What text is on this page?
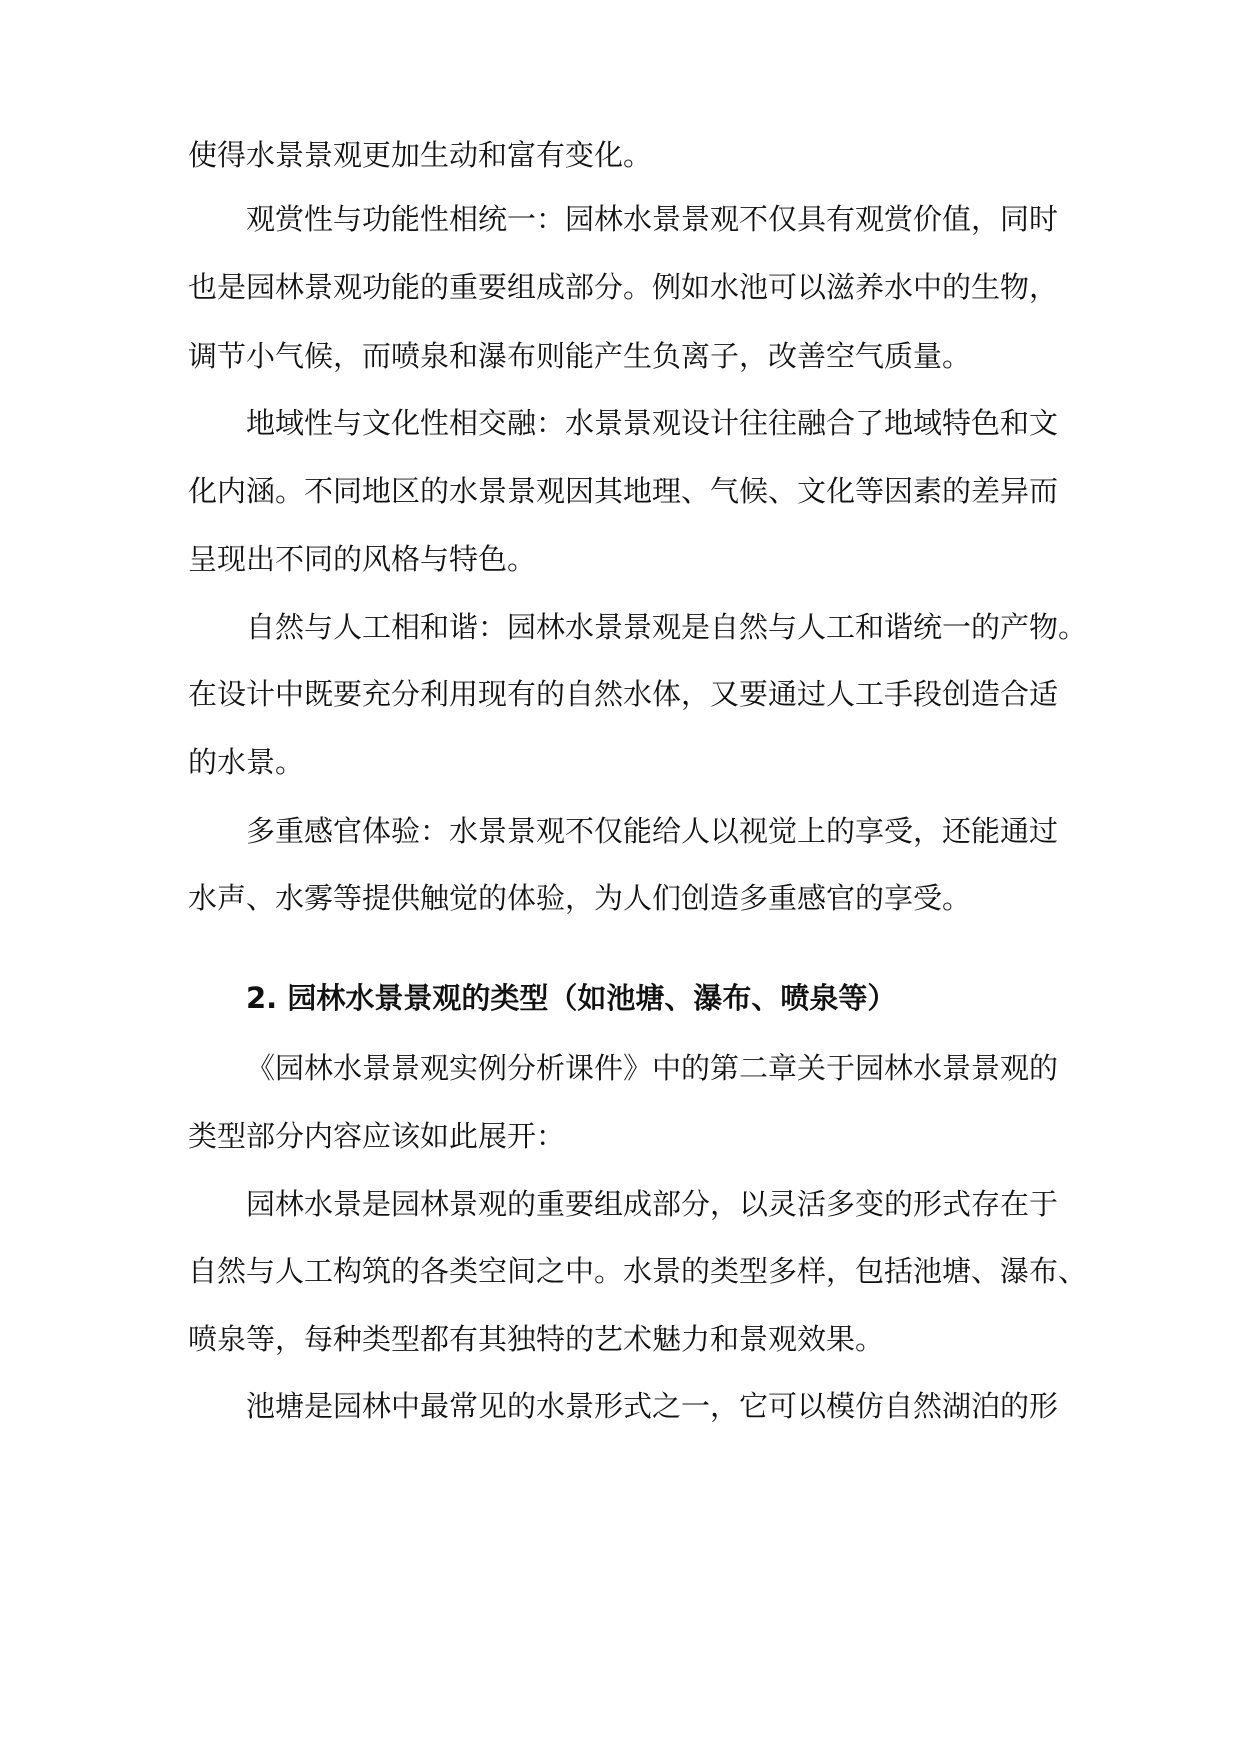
使得水景景观更加生动和富有变化。
观赏性与功能性相统一：园林水景景观不仅具有观赏价值，同时
也是园林景观功能的重要组成部分。例如水池可以滋养水中的生物，
调节小气候，而喷泉和瀑布则能产生负离子，改善空气质量。
地域性与文化性相交融：水景景观设计往往融合了地域特色和文
化内涵。不同地区的水景景观因其地理、气候、文化等因素的差异而
呈现出不同的风格与特色。
自然与人工相和谐：园林水景景观是自然与人工和谐统一的产物。
在设计中既要充分利用现有的自然水体，又要通过人工手段创造合适
的水景。
多重感官体验：水景景观不仅能给人以视觉上的享受，还能通过
水声、水雾等提供触觉的体验，为人们创造多重感官的享受。
2. 园林水景景观的类型（如池塘、瀑布、喷泉等）
《园林水景景观实例分析课件》中的第二章关于园林水景景观的
类型部分内容应该如此展开：
园林水景是园林景观的重要组成部分，以灵活多变的形式存在于
自然与人工构筑的各类空间之中。水景的类型多样，包括池塘、瀑布、
喷泉等，每种类型都有其独特的艺术魅力和景观效果。
池塘是园林中最常见的水景形式之一，它可以模仿自然湖泊的形
